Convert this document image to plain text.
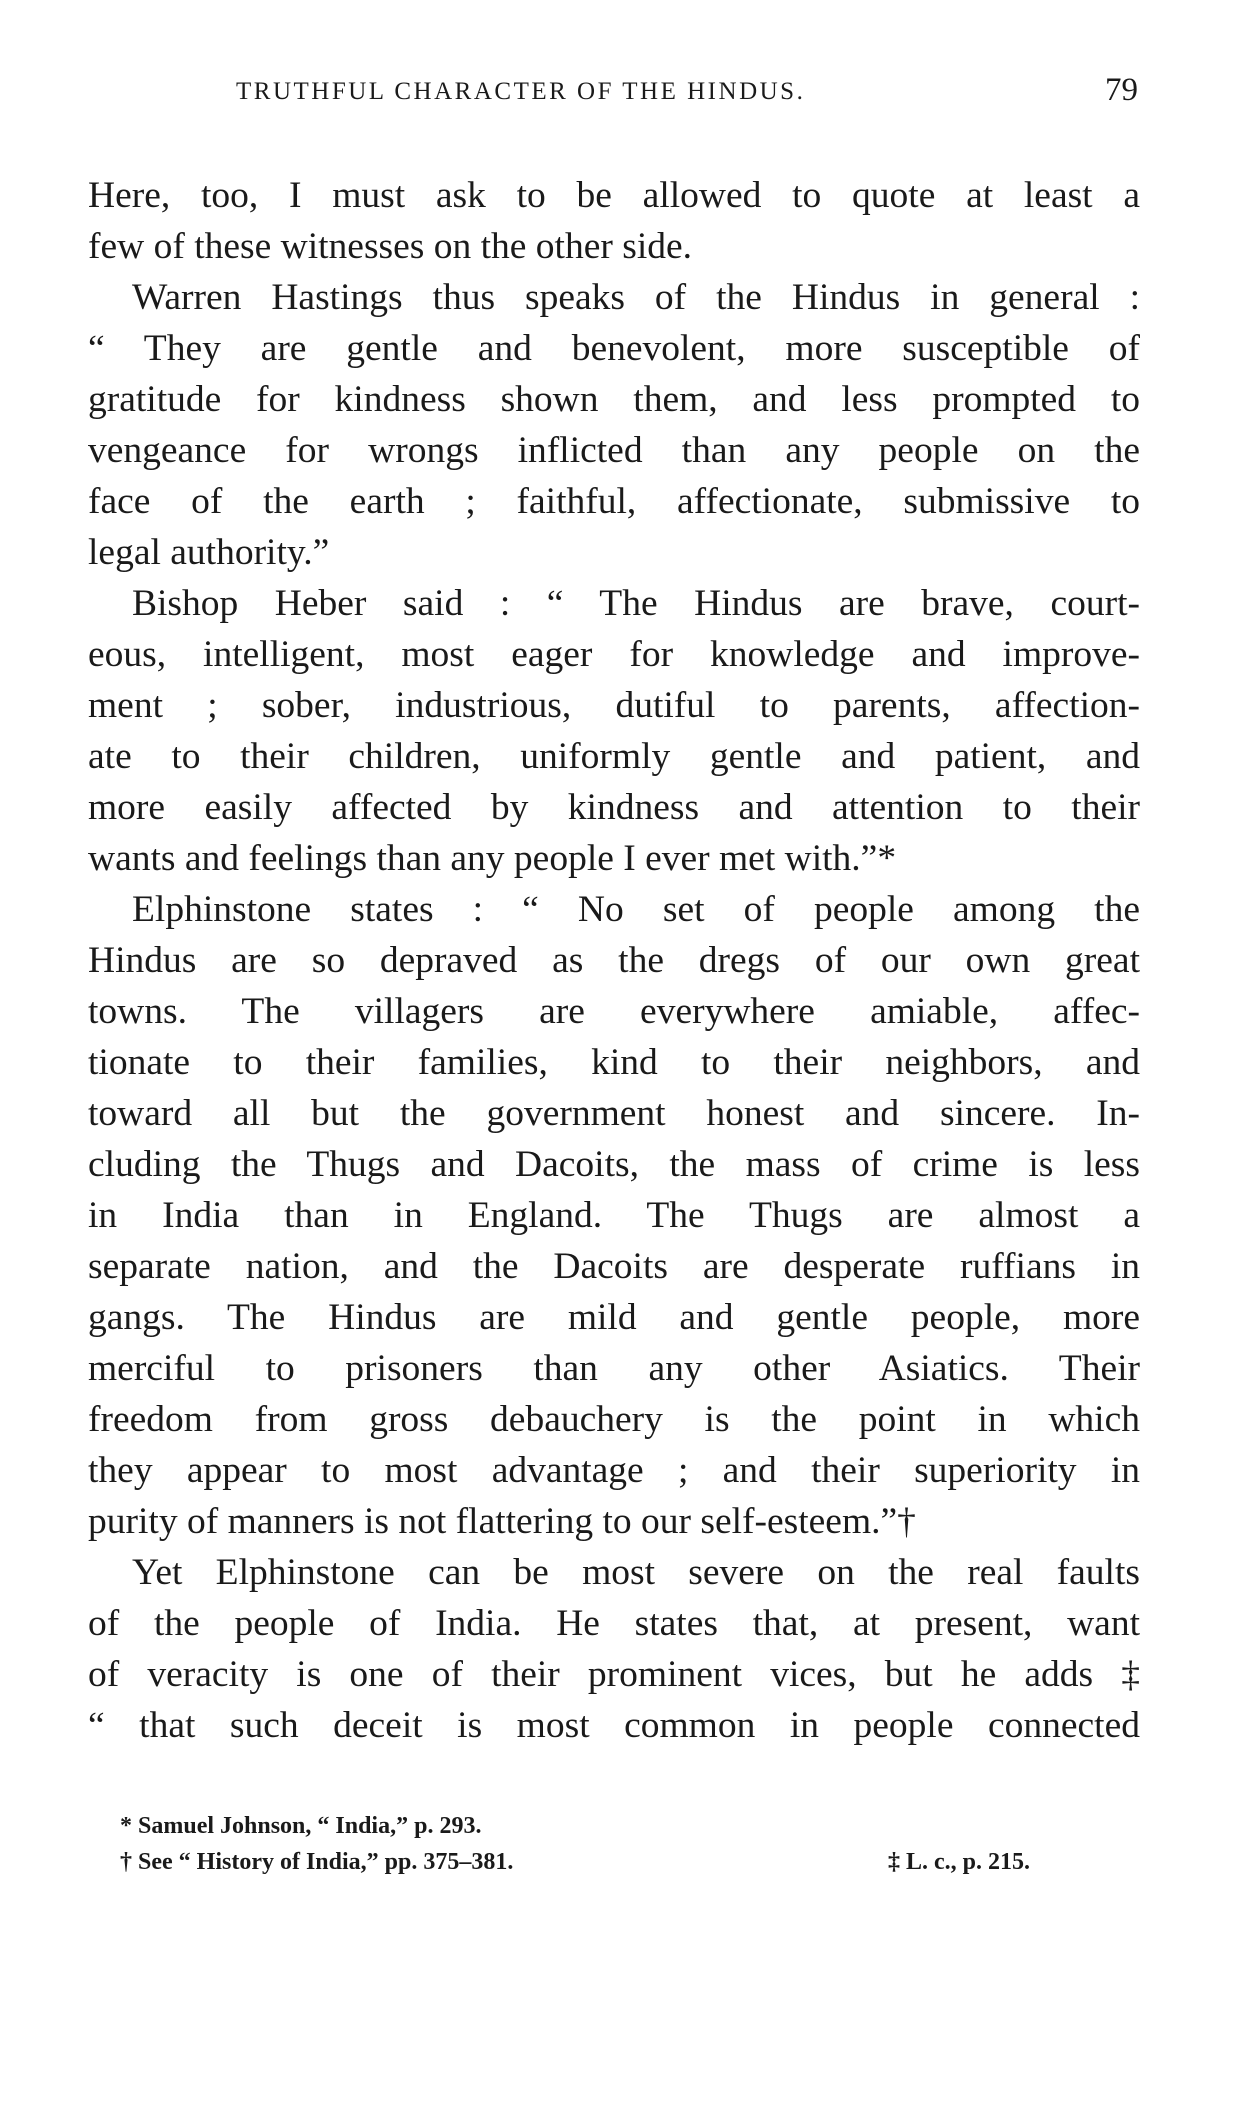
TRUTHFUL CHARACTER OF THE HINDUS.	79
Here, too, I must ask to be allowed to quote at least a
few of these witnesses on the other side.
Warren Hastings thus speaks of the Hindus in general :
“ They are gentle and benevolent, more susceptible of
gratitude for kindness shown them, and less prompted to
vengeance for wrongs inflicted than any people on the
face of the earth ; faithful, affectionate, submissive to
legal authority.”
Bishop Heber said : “ The Hindus are brave, court-
eous, intelligent, most eager for knowledge and improve-
ment ; sober, industrious, dutiful to parents, affection-
ate to their children, uniformly gentle and patient, and
more easily affected by kindness and attention to their
wants and feelings than any people I ever met with.”*
Elphinstone states : “ No set of people among the
Hindus are so depraved as the dregs of our own great
towns. The villagers are everywhere amiable, affec-
tionate to their families, kind to their neighbors, and
toward all but the government honest and sincere. In-
cluding the Thugs and Dacoits, the mass of crime is less
in India than in England. The Thugs are almost a
separate nation, and the Dacoits are desperate ruffians in
gangs. The Hindus are mild and gentle people, more
merciful to prisoners than any other Asiatics. Their
freedom from gross debauchery is the point in which
they appear to most advantage ; and their superiority in
purity of manners is not flattering to our self-esteem.”†
Yet Elphinstone can be most severe on the real faults
of the people of India. He states that, at present, want
of veracity is one of their prominent vices, but he adds ‡
“ that such deceit is most common in people connected
* Samuel Johnson, “ India,” p. 293.
† See “ History of India,” pp. 375–381.	‡ L. c., p. 215.
